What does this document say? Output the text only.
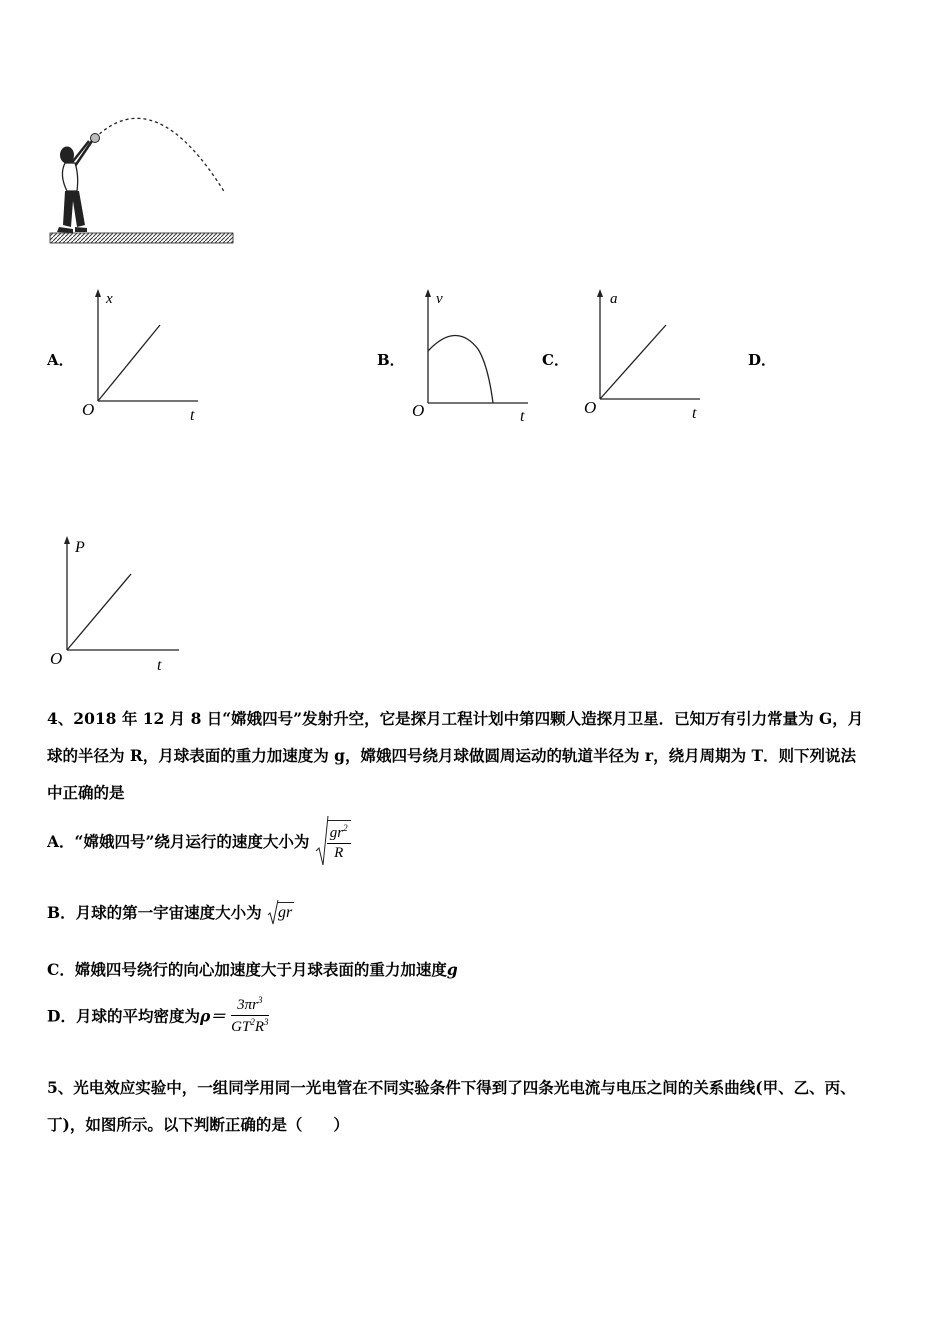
A．
x
O	t
B．
v
O	t
C．
a
O	t
D．
P
O	t
4、2018 年 12 月 8 日“嫦娥四号”发射升空，它是探月工程计划中第四颗人造探月卫星．已知万有引力常量为 G，月
球的半径为 R，月球表面的重力加速度为 g，嫦娥四号绕月球做圆周运动的轨道半径为 r，绕月周期为 T．则下列说法
中正确的是
A．“嫦娥四号”绕月运行的速度大小为 $\frac{gr^2}{R}$
B．月球的第一宇宙速度大小为 gr
C．嫦娥四号绕行的向心加速度大于月球表面的重力加速度g
D．月球的平均密度为$\rho= \frac{3\pi r^3}{GT^2R^3}$
5、光电效应实验中，一组同学用同一光电管在不同实验条件下得到了四条光电流与电压之间的关系曲线(甲、乙、丙、
丁)，如图所示。以下判断正确的是（　　）
